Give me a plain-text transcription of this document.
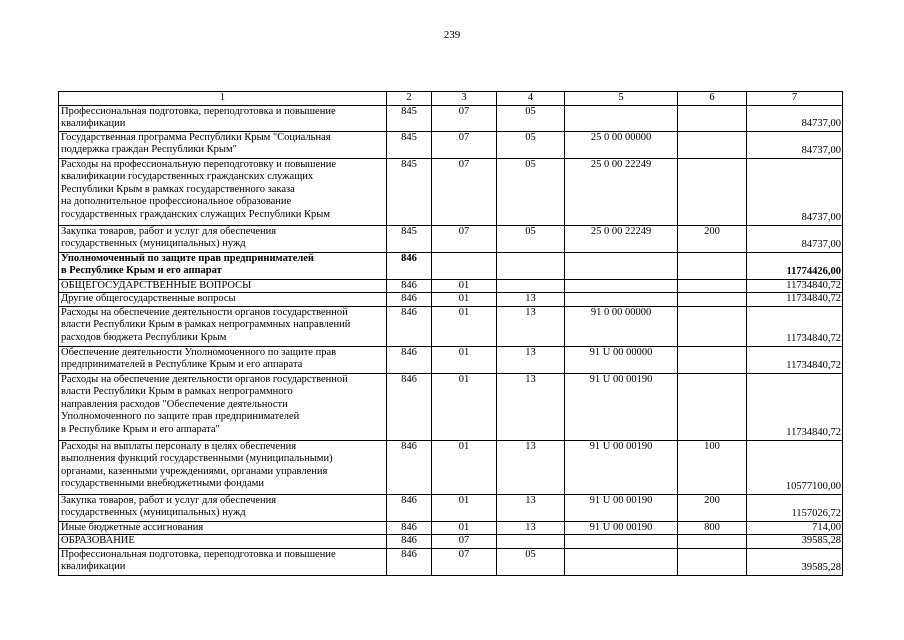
239
1	2	3	4	5	6	7
Профессиональная подготовка, переподготовка и повышение
квалификации	845	07	05			84737,00
Государственная программа Республики Крым "Социальная
поддержка граждан Республики Крым"	845	07	05	25 0 00 00000		84737,00
Расходы на профессиональную переподготовку и повышение
квалификации государственных гражданских служащих
Республики Крым в рамках государственного заказа
на дополнительное профессиональное образование
государственных гражданских служащих Республики Крым	845	07	05	25 0 00 22249		84737,00
Закупка товаров, работ и услуг для обеспечения
государственных (муниципальных) нужд	845	07	05	25 0 00 22249	200	84737,00
Уполномоченный по защите прав предпринимателей
в Республике Крым и его аппарат	846					11774426,00
ОБЩЕГОСУДАРСТВЕННЫЕ ВОПРОСЫ	846	01				11734840,72
Другие общегосударственные вопросы	846	01	13			11734840,72
Расходы на обеспечение деятельности органов государственной
власти Республики Крым в рамках непрограммных направлений
расходов бюджета Республики Крым	846	01	13	91 0 00 00000		11734840,72
Обеспечение деятельности Уполномоченного по защите прав
предпринимателей в Республике Крым и его аппарата	846	01	13	91 U 00 00000		11734840,72
Расходы на обеспечение деятельности органов государственной
власти Республики Крым в рамках непрограммного
направления расходов "Обеспечение деятельности
Уполномоченного по защите прав предпринимателей
в Республике Крым и его аппарата"	846	01	13	91 U 00 00190		11734840,72
Расходы на выплаты персоналу в целях обеспечения
выполнения функций государственными (муниципальными)
органами, казенными учреждениями, органами управления
государственными внебюджетными фондами	846	01	13	91 U 00 00190	100	10577100,00
Закупка товаров, работ и услуг для обеспечения
государственных (муниципальных) нужд	846	01	13	91 U 00 00190	200	1157026,72
Иные бюджетные ассигнования	846	01	13	91 U 00 00190	800	714,00
ОБРАЗОВАНИЕ	846	07				39585,28
Профессиональная подготовка, переподготовка и повышение
квалификации	846	07	05			39585,28
